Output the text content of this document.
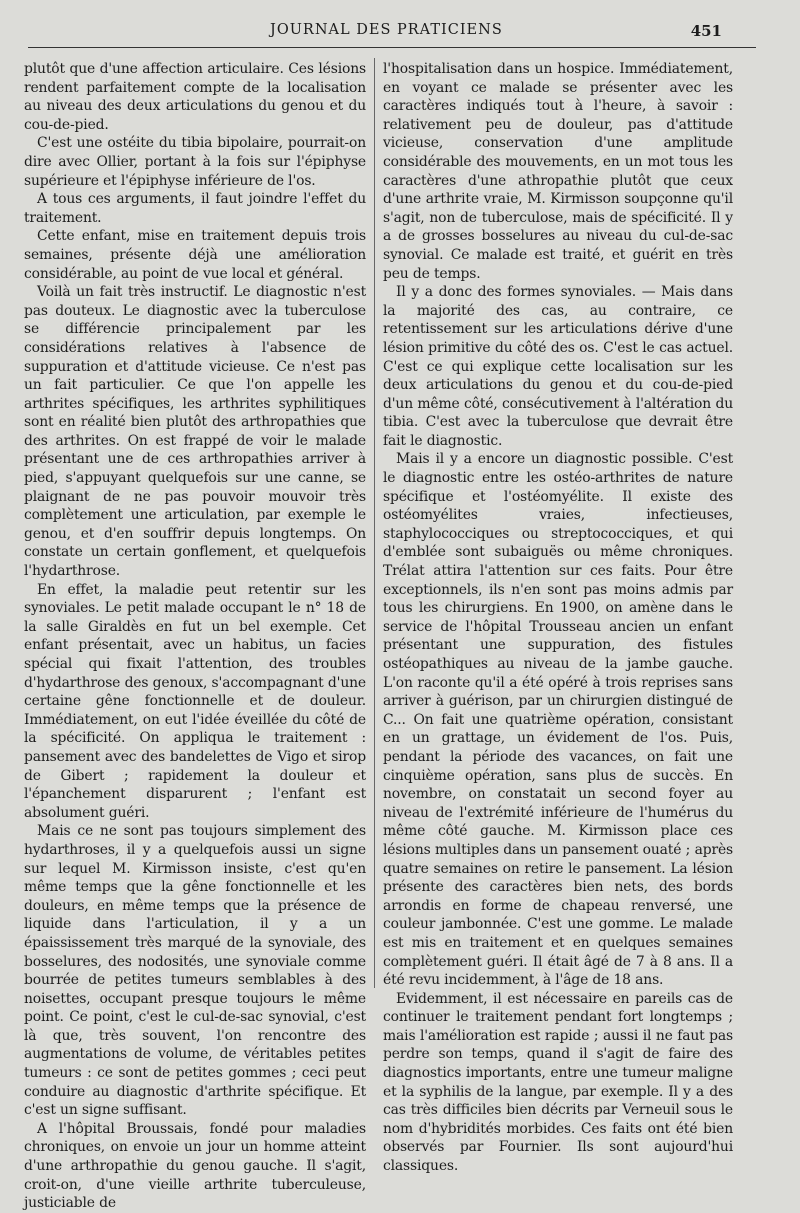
JOURNAL DES PRATICIENS	451

plutôt que d'une affection articulaire. Ces lésions rendent parfaitement compte de la localisation au niveau des deux articulations du genou et du cou-de-pied.

C'est une ostéite du tibia bipolaire, pourrait-on dire avec Ollier, portant à la fois sur l'épiphyse supérieure et l'épiphyse inférieure de l'os.

A tous ces arguments, il faut joindre l'effet du traitement.

Cette enfant, mise en traitement depuis trois semaines, présente déjà une amélioration considérable, au point de vue local et général.

Voilà un fait très instructif. Le diagnostic n'est pas douteux. Le diagnostic avec la tuberculose se différencie principalement par les considérations relatives à l'absence de suppuration et d'attitude vicieuse. Ce n'est pas un fait particulier. Ce que l'on appelle les arthrites spécifiques, les arthrites syphilitiques sont en réalité bien plutôt des arthropathies que des arthrites. On est frappé de voir le malade présentant une de ces arthropathies arriver à pied, s'appuyant quelquefois sur une canne, se plaignant de ne pas pouvoir mouvoir très complètement une articulation, par exemple le genou, et d'en souffrir depuis longtemps. On constate un certain gonflement, et quelquefois l'hydarthrose.

En effet, la maladie peut retentir sur les synoviales. Le petit malade occupant le n° 18 de la salle Giraldès en fut un bel exemple. Cet enfant présentait, avec un habitus, un facies spécial qui fixait l'attention, des troubles d'hydarthrose des genoux, s'accompagnant d'une certaine gêne fonctionnelle et de douleur. Immédiatement, on eut l'idée éveillée du côté de la spécificité. On appliqua le traitement : pansement avec des bandelettes de Vigo et sirop de Gibert ; rapidement la douleur et l'épanchement disparurent ; l'enfant est absolument guéri.

Mais ce ne sont pas toujours simplement des hydarthroses, il y a quelquefois aussi un signe sur lequel M. Kirmisson insiste, c'est qu'en même temps que la gêne fonctionnelle et les douleurs, en même temps que la présence de liquide dans l'articulation, il y a un épaississement très marqué de la synoviale, des bosselures, des nodosités, une synoviale comme bourrée de petites tumeurs semblables à des noisettes, occupant presque toujours le même point. Ce point, c'est le cul-de-sac synovial, c'est là que, très souvent, l'on rencontre des augmentations de volume, de véritables petites tumeurs : ce sont de petites gommes ; ceci peut conduire au diagnostic d'arthrite spécifique. Et c'est un signe suffisant.

A l'hôpital Broussais, fondé pour maladies chroniques, on envoie un jour un homme atteint d'une arthropathie du genou gauche. Il s'agit, croit-on, d'une vieille arthrite tuberculeuse, justiciable de

l'hospitalisation dans un hospice. Immédiatement, en voyant ce malade se présenter avec les caractères indiqués tout à l'heure, à savoir : relativement peu de douleur, pas d'attitude vicieuse, conservation d'une amplitude considérable des mouvements, en un mot tous les caractères d'une athropathie plutôt que ceux d'une arthrite vraie, M. Kirmisson soupçonne qu'il s'agit, non de tuberculose, mais de spécificité. Il y a de grosses bosselures au niveau du cul-de-sac synovial. Ce malade est traité, et guérit en très peu de temps.

Il y a donc des formes synoviales. — Mais dans la majorité des cas, au contraire, ce retentissement sur les articulations dérive d'une lésion primitive du côté des os. C'est le cas actuel. C'est ce qui explique cette localisation sur les deux articulations du genou et du cou-de-pied d'un même côté, consécutivement à l'altération du tibia. C'est avec la tuberculose que devrait être fait le diagnostic.

Mais il y a encore un diagnostic possible. C'est le diagnostic entre les ostéo-arthrites de nature spécifique et l'ostéomyélite. Il existe des ostéomyélites vraies, infectieuses, staphylococciques ou streptococciques, et qui d'emblée sont subaiguës ou même chroniques. Trélat attira l'attention sur ces faits. Pour être exceptionnels, ils n'en sont pas moins admis par tous les chirurgiens. En 1900, on amène dans le service de l'hôpital Trousseau ancien un enfant présentant une suppuration, des fistules ostéopathiques au niveau de la jambe gauche. L'on raconte qu'il a été opéré à trois reprises sans arriver à guérison, par un chirurgien distingué de C... On fait une quatrième opération, consistant en un grattage, un évidement de l'os. Puis, pendant la période des vacances, on fait une cinquième opération, sans plus de succès. En novembre, on constatait un second foyer au niveau de l'extrémité inférieure de l'humérus du même côté gauche. M. Kirmisson place ces lésions multiples dans un pansement ouaté ; après quatre semaines on retire le pansement. La lésion présente des caractères bien nets, des bords arrondis en forme de chapeau renversé, une couleur jambonnée. C'est une gomme. Le malade est mis en traitement et en quelques semaines complètement guéri. Il était âgé de 7 à 8 ans. Il a été revu incidemment, à l'âge de 18 ans.

Evidemment, il est nécessaire en pareils cas de continuer le traitement pendant fort longtemps ; mais l'amélioration est rapide ; aussi il ne faut pas perdre son temps, quand il s'agit de faire des diagnostics importants, entre une tumeur maligne et la syphilis de la langue, par exemple. Il y a des cas très difficiles bien décrits par Verneuil sous le nom d'hybridités morbides. Ces faits ont été bien observés par Fournier. Ils sont aujourd'hui classiques.
